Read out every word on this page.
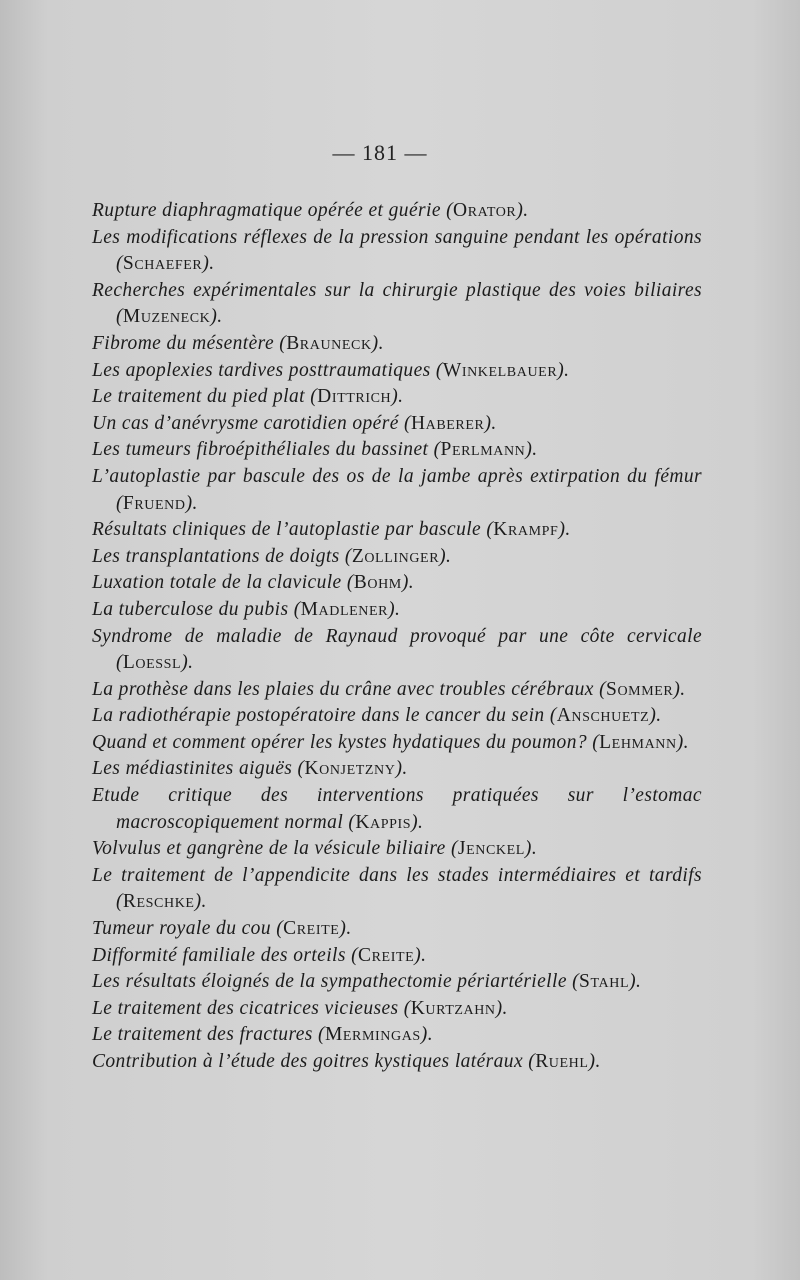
— 181 —
Rupture diaphragmatique opérée et guérie (Orator).
Les modifications réflexes de la pression sanguine pendant les opérations (Schaefer).
Recherches expérimentales sur la chirurgie plastique des voies biliaires (Muzeneck).
Fibrome du mésentère (Brauneck).
Les apoplexies tardives posttraumatiques (Winkelbauer).
Le traitement du pied plat (Dittrich).
Un cas d’anévrysme carotidien opéré (Haberer).
Les tumeurs fibroépithéliales du bassinet (Perlmann).
L’autoplastie par bascule des os de la jambe après extirpation du fémur (Fruend).
Résultats cliniques de l’autoplastie par bascule (Krampf).
Les transplantations de doigts (Zollinger).
Luxation totale de la clavicule (Bohm).
La tuberculose du pubis (Madlener).
Syndrome de maladie de Raynaud provoqué par une côte cervicale (Loessl).
La prothèse dans les plaies du crâne avec troubles cérébraux (Sommer).
La radiothérapie postopératoire dans le cancer du sein (Anschuetz).
Quand et comment opérer les kystes hydatiques du poumon? (Lehmann).
Les médiastinites aiguës (Konjetzny).
Etude critique des interventions pratiquées sur l’estomac macroscopiquement normal (Kappis).
Volvulus et gangrène de la vésicule biliaire (Jenckel).
Le traitement de l’appendicite dans les stades intermédiaires et tardifs (Reschke).
Tumeur royale du cou (Creite).
Difformité familiale des orteils (Creite).
Les résultats éloignés de la sympathectomie périartérielle (Stahl).
Le traitement des cicatrices vicieuses (Kurtzahn).
Le traitement des fractures (Mermingas).
Contribution à l’étude des goitres kystiques latéraux (Ruehl).
